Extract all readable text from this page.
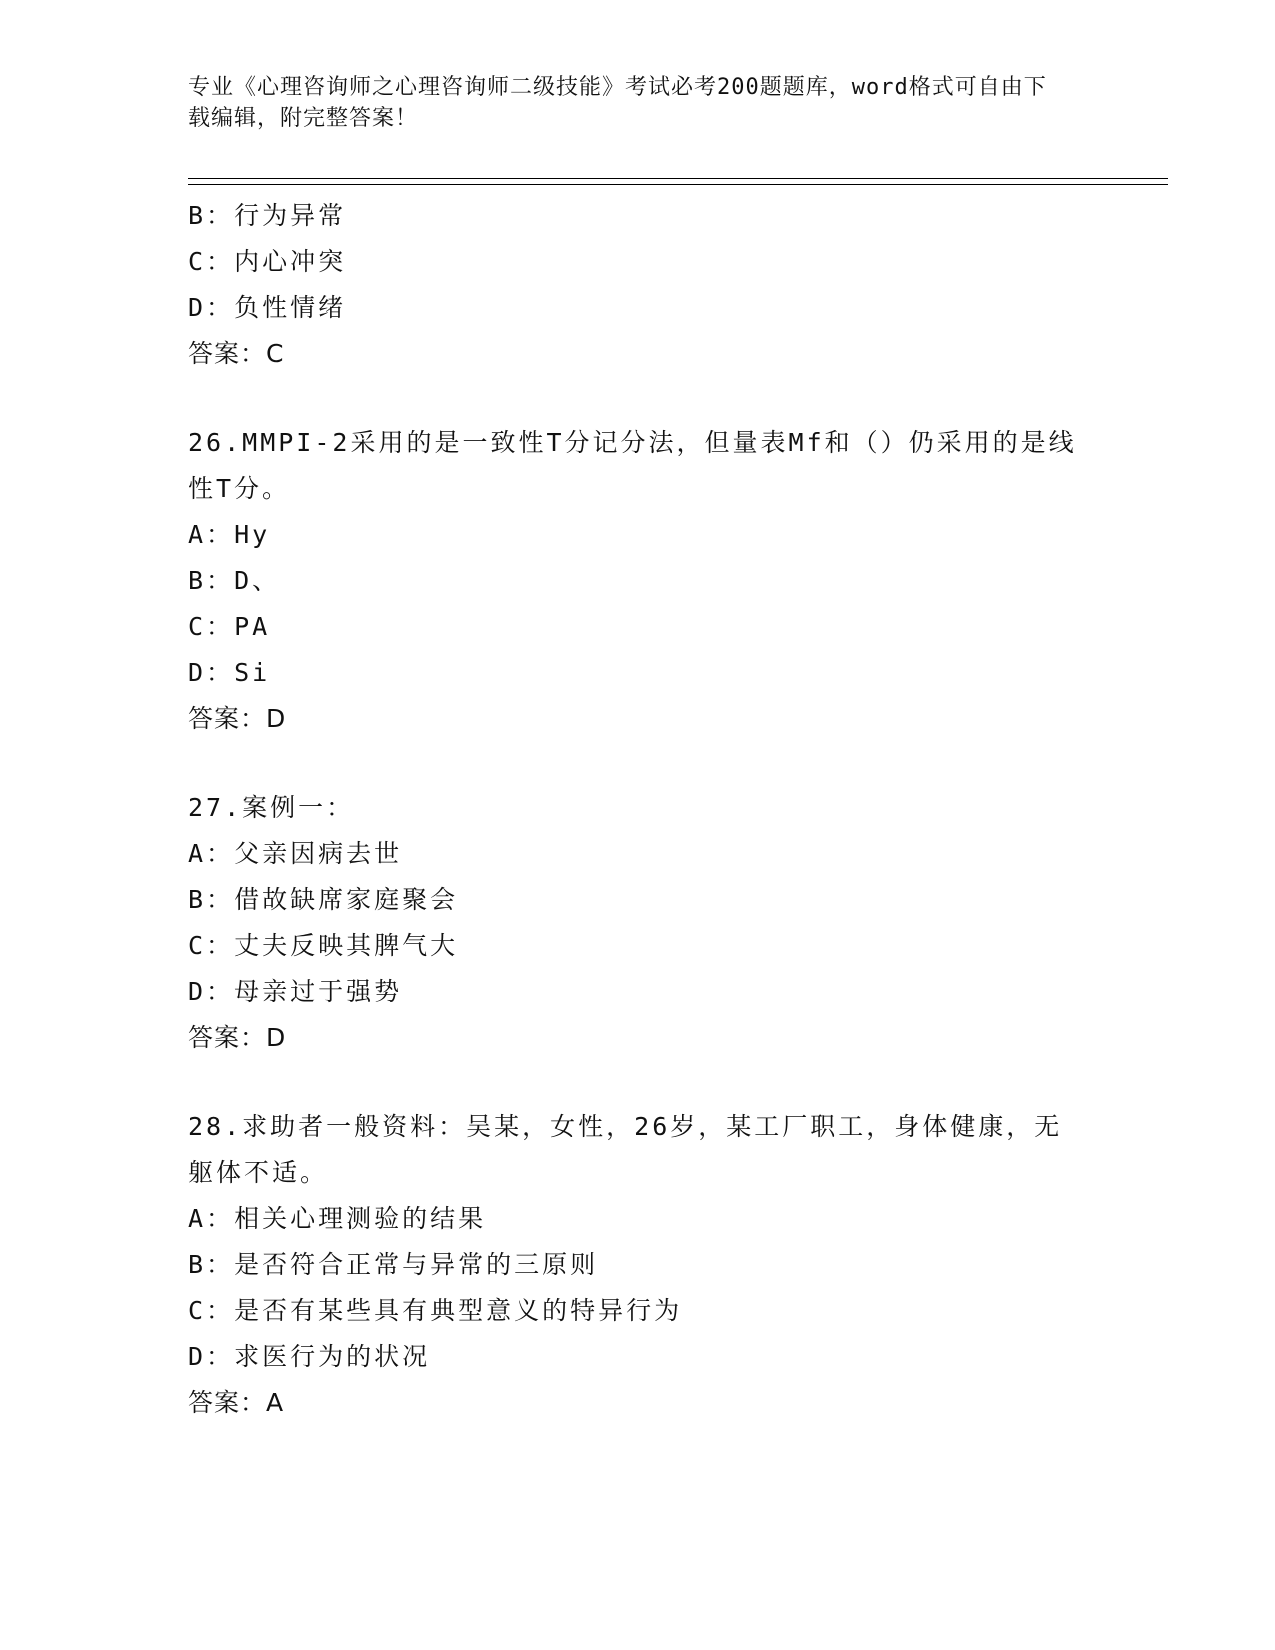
专业《心理咨询师之心理咨询师二级技能》考试必考200题题库，word格式可自由下载编辑，附完整答案！
B：行为异常
C：内心冲突
D：负性情绪
答案：C
26.MMPI-2采用的是一致性T分记分法，但量表Mf和（）仍采用的是线性T分。
A：Hy
B：D、
C：PA
D：Si
答案：D
27.案例一：
A：父亲因病去世
B：借故缺席家庭聚会
C：丈夫反映其脾气大
D：母亲过于强势
答案：D
28.求助者一般资料：吴某，女性，26岁，某工厂职工，身体健康，无躯体不适。
A：相关心理测验的结果
B：是否符合正常与异常的三原则
C：是否有某些具有典型意义的特异行为
D：求医行为的状况
答案：A
